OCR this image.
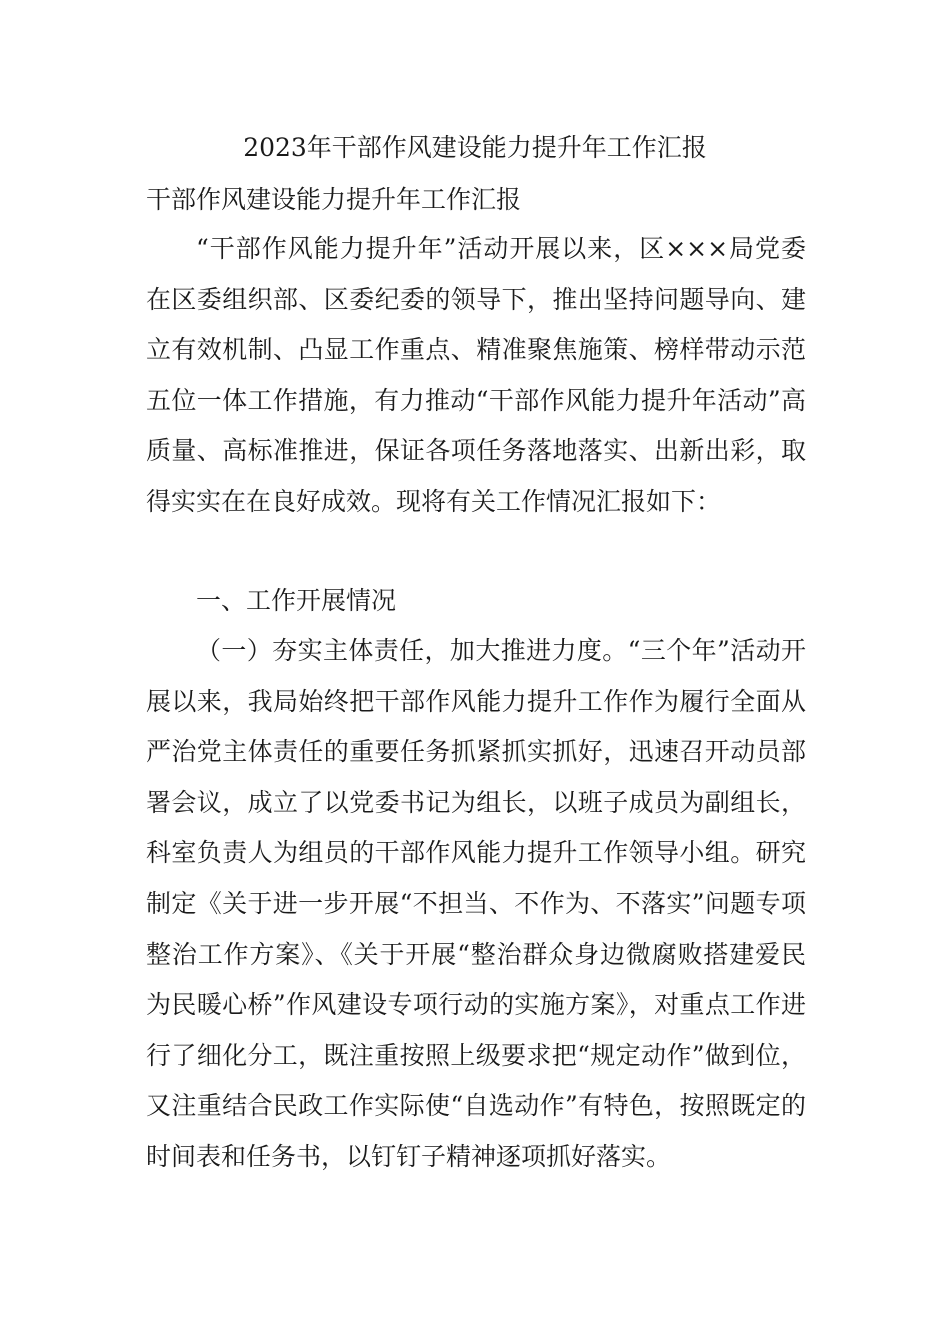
2023年干部作风建设能力提升年工作汇报
干部作风建设能力提升年工作汇报

“干部作风能力提升年”活动开展以来，区×××局党委在区委组织部、区委纪委的领导下，推出坚持问题导向、建立有效机制、凸显工作重点、精准聚焦施策、榜样带动示范五位一体工作措施，有力推动“干部作风能力提升年活动”高质量、高标准推进，保证各项任务落地落实、出新出彩，取得实实在在良好成效。现将有关工作情况汇报如下：

一、工作开展情况

（一）夯实主体责任，加大推进力度。“三个年”活动开展以来，我局始终把干部作风能力提升工作作为履行全面从严治党主体责任的重要任务抓紧抓实抓好，迅速召开动员部署会议，成立了以党委书记为组长，以班子成员为副组长，科室负责人为组员的干部作风能力提升工作领导小组。研究制定《关于进一步开展“不担当、不作为、不落实”问题专项整治工作方案》、《关于开展“整治群众身边微腐败搭建爱民为民暖心桥”作风建设专项行动的实施方案》，对重点工作进行了细化分工，既注重按照上级要求把“规定动作”做到位，又注重结合民政工作实际使“自选动作”有特色，按照既定的时间表和任务书，以钉钉子精神逐项抓好落实。
